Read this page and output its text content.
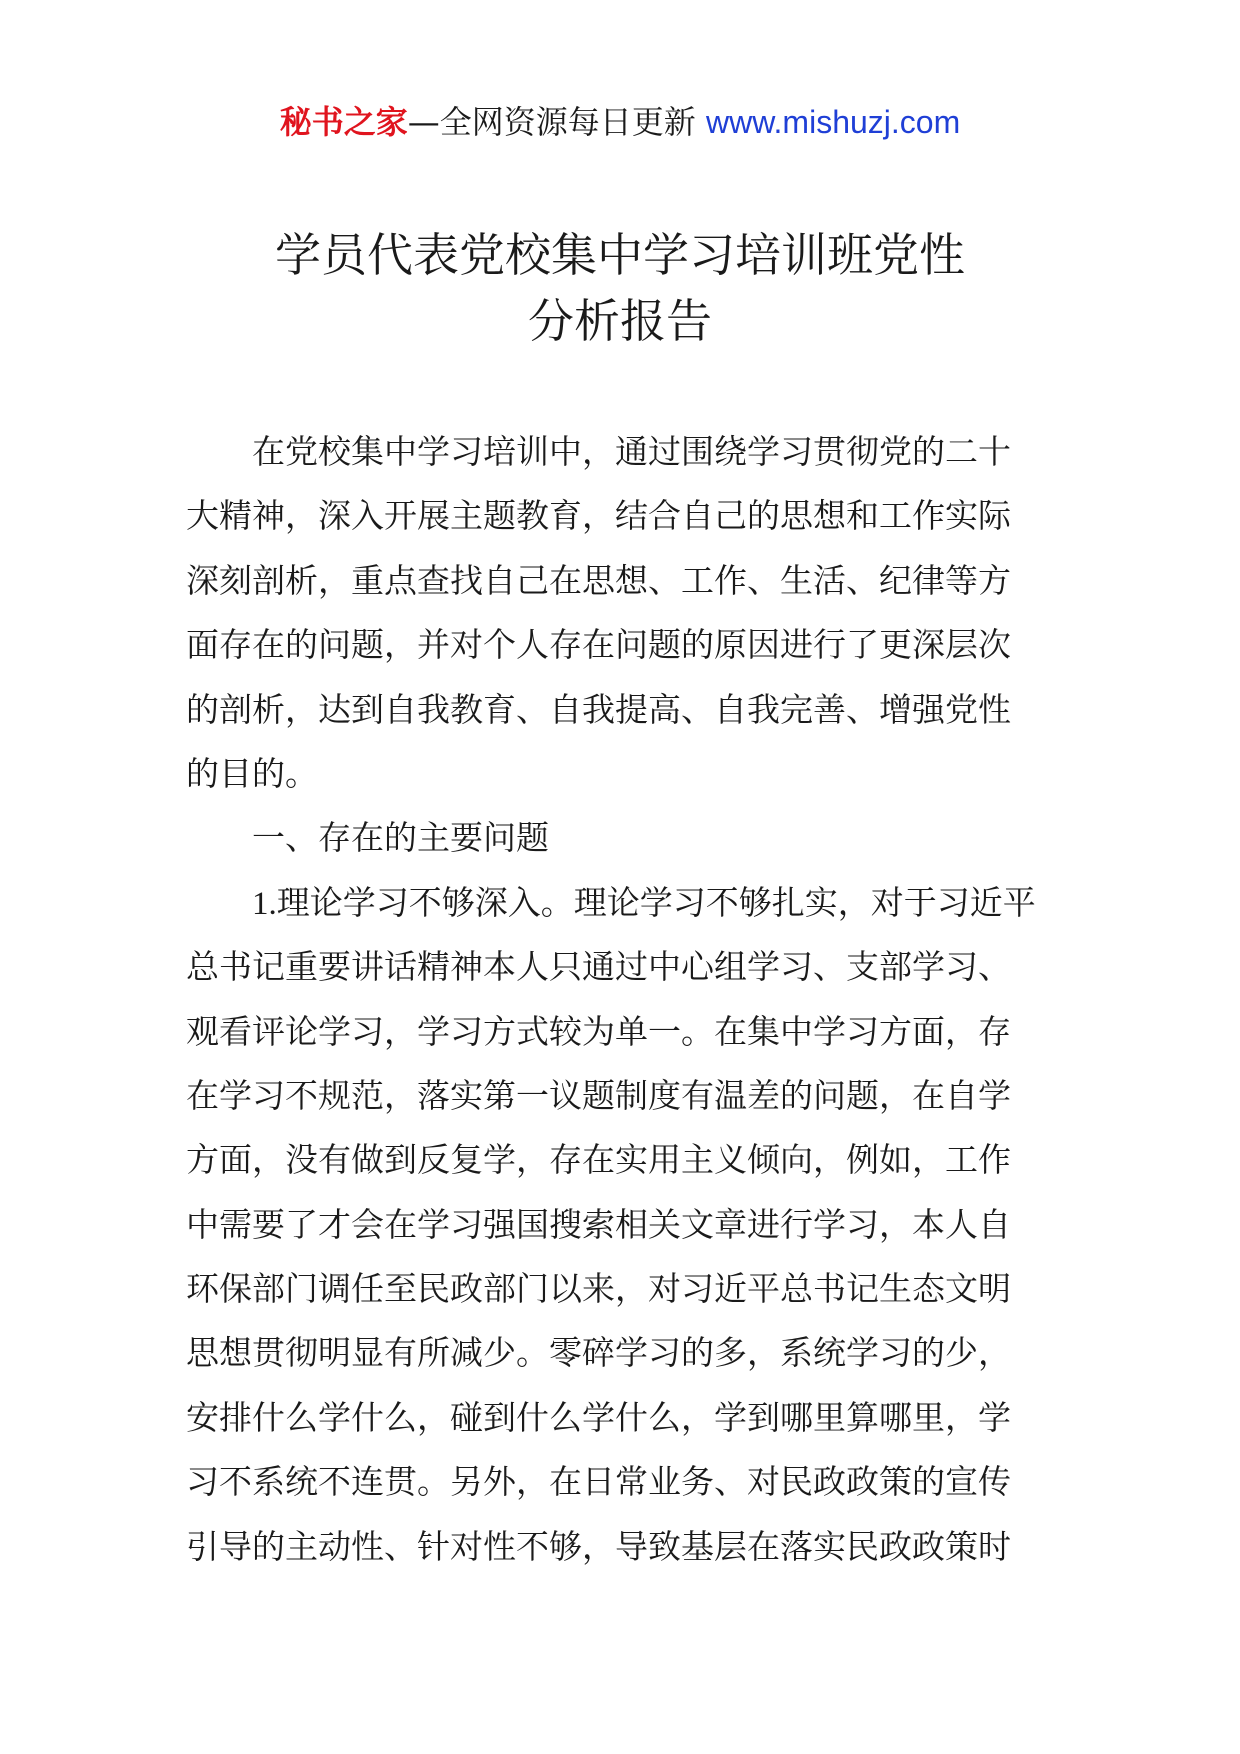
秘书之家—全网资源每日更新 www.mishuzj.com
学员代表党校集中学习培训班党性
分析报告
在党校集中学习培训中，通过围绕学习贯彻党的二十
大精神，深入开展主题教育，结合自己的思想和工作实际
深刻剖析，重点查找自己在思想、工作、生活、纪律等方
面存在的问题，并对个人存在问题的原因进行了更深层次
的剖析，达到自我教育、自我提高、自我完善、增强党性
的目的。
一、存在的主要问题
1.理论学习不够深入。理论学习不够扎实，对于习近平
总书记重要讲话精神本人只通过中心组学习、支部学习、
观看评论学习，学习方式较为单一。在集中学习方面，存
在学习不规范，落实第一议题制度有温差的问题，在自学
方面，没有做到反复学，存在实用主义倾向，例如，工作
中需要了才会在学习强国搜索相关文章进行学习，本人自
环保部门调任至民政部门以来，对习近平总书记生态文明
思想贯彻明显有所减少。零碎学习的多，系统学习的少，
安排什么学什么，碰到什么学什么，学到哪里算哪里，学
习不系统不连贯。另外，在日常业务、对民政政策的宣传
引导的主动性、针对性不够，导致基层在落实民政政策时
